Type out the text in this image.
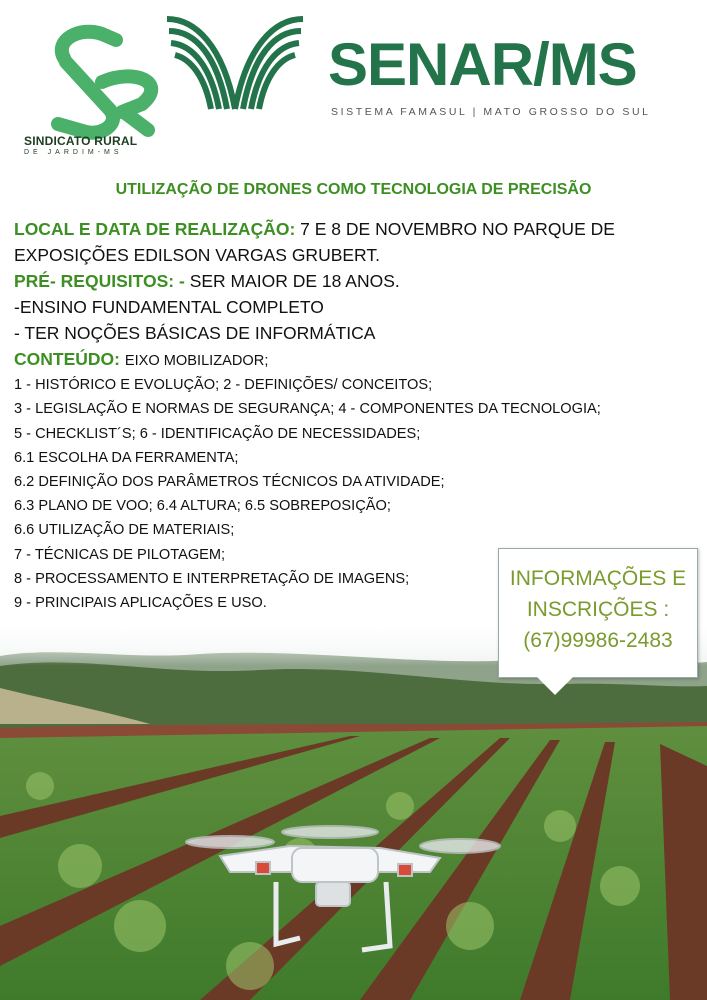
SINDICATO RURAL
DE JARDIM-MS
SENAR/MS
SISTEMA FAMASUL | MATO GROSSO DO SUL
UTILIZAÇÃO DE DRONES COMO TECNOLOGIA DE PRECISÃO
LOCAL E DATA DE REALIZAÇÃO: 7 E 8 DE NOVEMBRO NO PARQUE DE
EXPOSIÇÕES EDILSON VARGAS GRUBERT.
PRÉ- REQUISITOS: - SER MAIOR DE 18 ANOS.
-ENSINO FUNDAMENTAL COMPLETO
- TER NOÇÕES BÁSICAS DE INFORMÁTICA
CONTEÚDO: EIXO MOBILIZADOR;
1 - HISTÓRICO E EVOLUÇÃO; 2 - DEFINIÇÕES/ CONCEITOS;
3 - LEGISLAÇÃO E NORMAS DE SEGURANÇA; 4 - COMPONENTES DA TECNOLOGIA;
5 - CHECKLIST´S; 6 - IDENTIFICAÇÃO DE NECESSIDADES;
6.1 ESCOLHA DA FERRAMENTA;
6.2 DEFINIÇÃO DOS PARÂMETROS TÉCNICOS DA ATIVIDADE;
6.3 PLANO DE VOO; 6.4 ALTURA; 6.5 SOBREPOSIÇÃO;
6.6 UTILIZAÇÃO DE MATERIAIS;
7 - TÉCNICAS DE PILOTAGEM;
8 - PROCESSAMENTO E INTERPRETAÇÃO DE IMAGENS;
9 - PRINCIPAIS APLICAÇÕES E USO.
INFORMAÇÕES E
INSCRIÇÕES :
(67)99986-2483
